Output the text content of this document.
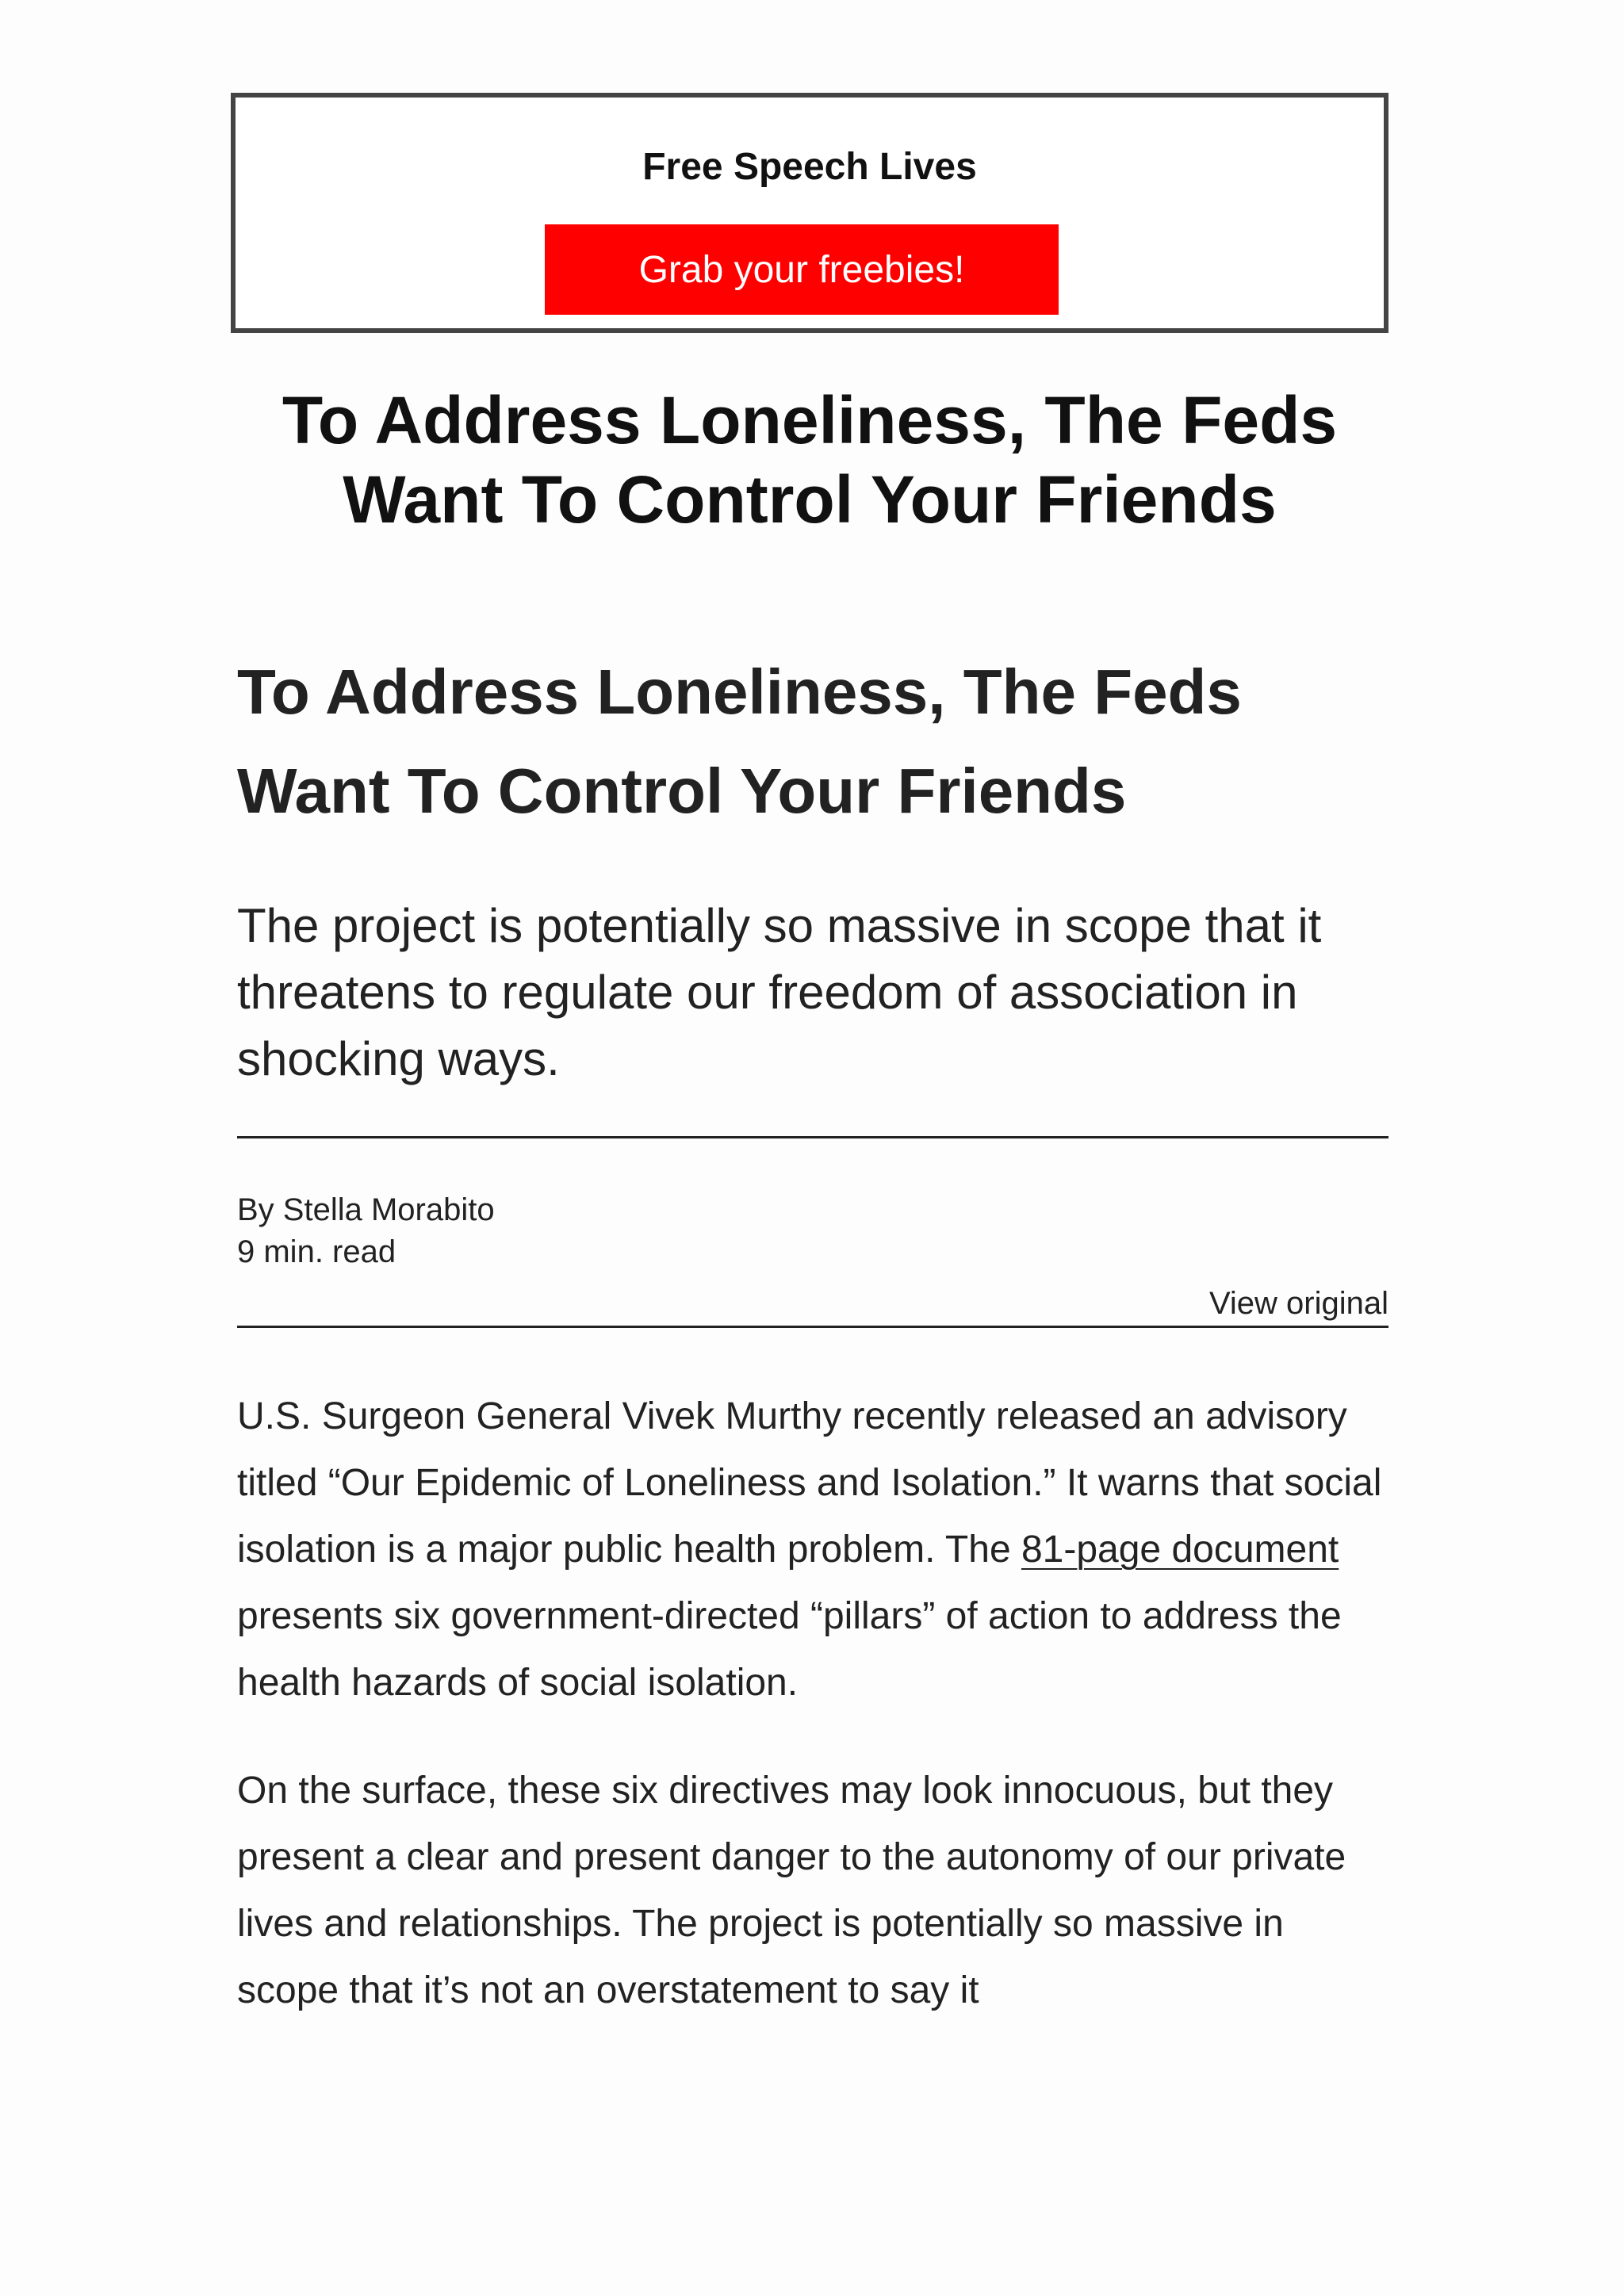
Free Speech Lives
Grab your freebies!
To Address Loneliness, The Feds Want To Control Your Friends
To Address Loneliness, The Feds Want To Control Your Friends

The project is potentially so massive in scope that it threatens to regulate our freedom of association in shocking ways.

By Stella Morabito
9 min. read
View original

U.S. Surgeon General Vivek Murthy recently released an advisory titled “Our Epidemic of Loneliness and Isolation.” It warns that social isolation is a major public health problem. The 81-page document presents six government-directed “pillars” of action to address the health hazards of social isolation.

On the surface, these six directives may look innocuous, but they present a clear and present danger to the autonomy of our private lives and relationships. The project is potentially so massive in scope that it’s not an overstatement to say it
